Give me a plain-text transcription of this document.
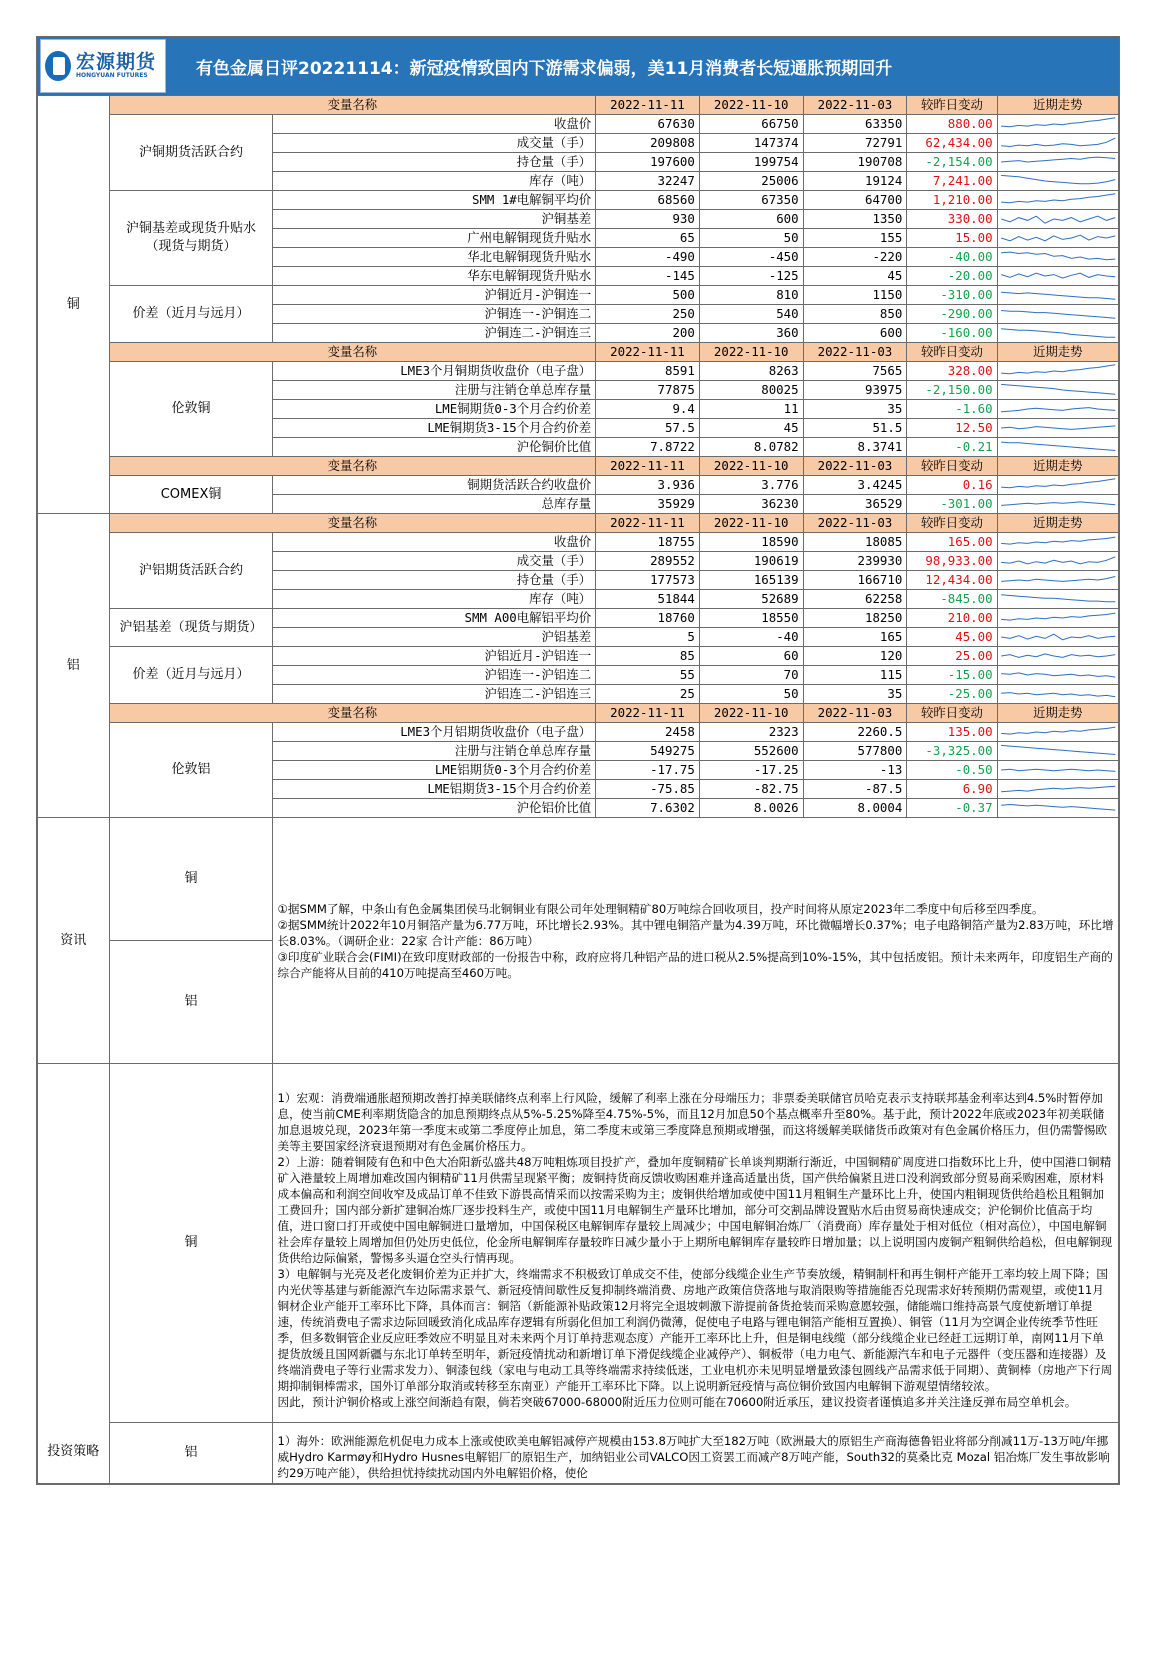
宏源期货
HONGYUAN FUTURES	有色金属日评20221114：新冠疫情致国内下游需求偏弱，美11月消费者长短通胀预期回升
铜	变量名称		2022-11-11	2022-11-10	2022-11-03	较昨日变动	近期走势
	沪铜期货活跃合约	收盘价	67630	66750	63350	880.00	

		成交量（手）	209808	147374	72791	62,434.00	

		持仓量（手）	197600	199754	190708	-2,154.00	

		库存（吨）	32247	25006	19124	7,241.00	

	沪铜基差或现货升贴水（现货与期货）	SMM 1#电解铜平均价	68560	67350	64700	1,210.00	

		沪铜基差	930	600	1350	330.00	

		广州电解铜现货升贴水	65	50	155	15.00	

		华北电解铜现货升贴水	-490	-450	-220	-40.00	

		华东电解铜现货升贴水	-145	-125	45	-20.00	

	价差（近月与远月）	沪铜近月-沪铜连一	500	810	1150	-310.00	

		沪铜连一-沪铜连二	250	540	850	-290.00	

		沪铜连二-沪铜连三	200	360	600	-160.00	

	变量名称		2022-11-11	2022-11-10	2022-11-03	较昨日变动	近期走势
	伦敦铜	LME3个月铜期货收盘价（电子盘）	8591	8263	7565	328.00	

		注册与注销仓单总库存量	77875	80025	93975	-2,150.00	

		LME铜期货0-3个月合约价差	9.4	11	35	-1.60	

		LME铜期货3-15个月合约价差	57.5	45	51.5	12.50	

		沪伦铜价比值	7.8722	8.0782	8.3741	-0.21	

	变量名称		2022-11-11	2022-11-10	2022-11-03	较昨日变动	近期走势
	COMEX铜	铜期货活跃合约收盘价	3.936	3.776	3.4245	0.16	

		总库存量	35929	36230	36529	-301.00	

铝	变量名称		2022-11-11	2022-11-10	2022-11-03	较昨日变动	近期走势
	沪铝期货活跃合约	收盘价	18755	18590	18085	165.00	

		成交量（手）	289552	190619	239930	98,933.00	

		持仓量（手）	177573	165139	166710	12,434.00	

		库存（吨）	51844	52689	62258	-845.00	

	沪铝基差（现货与期货）	SMM A00电解铝平均价	18760	18550	18250	210.00	

		沪铝基差	5	-40	165	45.00	

	价差（近月与远月）	沪铝近月-沪铝连一	85	60	120	25.00	

		沪铝连一-沪铝连二	55	70	115	-15.00	

		沪铝连二-沪铝连三	25	50	35	-25.00	

	变量名称		2022-11-11	2022-11-10	2022-11-03	较昨日变动	近期走势
	伦敦铝	LME3个月铝期货收盘价（电子盘）	2458	2323	2260.5	135.00	

		注册与注销仓单总库存量	549275	552600	577800	-3,325.00	

		LME铝期货0-3个月合约价差	-17.75	-17.25	-13	-0.50	

		LME铝期货3-15个月合约价差	-75.85	-82.75	-87.5	6.90	

		沪伦铝价比值	7.6302	8.0026	8.0004	-0.37	

资讯	铜	①据SMM了解，中条山有色金属集团侯马北铜铜业有限公司年处理铜精矿80万吨综合回收项目，投产时间将从原定2023年二季度中旬后移至四季度。

②据SMM统计2022年10月铜箔产量为6.77万吨，环比增长2.93%。其中锂电铜箔产量为4.39万吨，环比微幅增长0.37%；电子电路铜箔产量为2.83万吨，环比增长8.03%。（调研企业：22家 合计产能：86万吨）

③印度矿业联合会(FIMI)在致印度财政部的一份报告中称，政府应将几种铝产品的进口税从2.5%提高到10%-15%，其中包括废铝。预计未来两年，印度铝生产商的综合产能将从目前的410万吨提高至460万吨。					

	铝						
投资策略	铜	1）宏观：消费端通胀超预期改善打掉美联储终点利率上行风险，缓解了利率上涨在分母端压力；非票委美联储官员哈克表示支持联邦基金利率达到4.5%时暂停加息，使当前CME利率期货隐含的加息预期终点从5%-5.25%降至4.75%-5%，而且12月加息50个基点概率升至80%。基于此，预计2022年底或2023年初美联储加息退坡兑现，2023年第一季度末或第二季度停止加息，第二季度末或第三季度降息预期或增强，而这将缓解美联储货币政策对有色金属价格压力，但仍需警惕欧美等主要国家经济衰退预期对有色金属价格压力。

2）上游：随着铜陵有色和中色大冶阳新弘盛共48万吨粗炼项目投扩产，叠加年度铜精矿长单谈判期渐行渐近，中国铜精矿周度进口指数环比上升，使中国港口铜精矿入港量较上周增加难改国内铜精矿11月供需呈现紧平衡；废铜持货商反馈收购困难并逢高适量出货，国产供给偏紧且进口没利润致部分贸易商采购困难，原材料成本偏高和利润空间收窄及成品订单不佳致下游畏高情采而以按需采购为主；废铜供给增加或使中国11月粗铜生产量环比上升，使国内粗铜现货供给趋松且粗铜加工费回升；国内部分新扩建铜冶炼厂逐步投料生产，或使中国11月电解铜生产量环比增加，部分可交割品牌设置贴水后由贸易商快速成交；沪伦铜价比值高于均值，进口窗口打开或使中国电解铜进口量增加，中国保税区电解铜库存量较上周减少；中国电解铜冶炼厂（消费商）库存量处于相对低位（相对高位），中国电解铜社会库存量较上周增加但仍处历史低位，伦金所电解铜库存量较昨日减少量小于上期所电解铜库存量较昨日增加量；以上说明国内废铜产粗铜供给趋松，但电解铜现货供给边际偏紧，警惕多头逼仓空头行情再现。

3）电解铜与光亮及老化废铜价差为正并扩大，终端需求不积极致订单成交不佳，使部分线缆企业生产节奏放缓，精铜制杆和再生铜杆产能开工率均较上周下降；国内光伏等基建与新能源汽车边际需求景气、新冠疫情间歇性反复抑制终端消费、房地产政策信贷落地与取消限购等措施能否兑现需求好转预期仍需观望，或使11月铜材企业产能开工率环比下降，具体而言：铜箔（新能源补贴政策12月将完全退坡刺激下游提前备货抢装而采购意愿较强，储能端口维持高景气度使新增订单提速，传统消费电子需求边际回暖致消化成品库存逻辑有所弱化但加工利润仍微薄，促使电子电路与锂电铜箔产能相互置换）、铜管（11月为空调企业传统季节性旺季，但多数铜管企业反应旺季效应不明显且对未来两个月订单持悲观态度）产能开工率环比上升，但是铜电线缆（部分线缆企业已经赶工远期订单，南网11月下单提货放缓且国网新疆与东北订单转至明年，新冠疫情扰动和新增订单下滑促线缆企业减停产）、铜板带（电力电气、新能源汽车和电子元器件（变压器和连接器）及终端消费电子等行业需求发力）、铜漆包线（家电与电动工具等终端需求持续低迷，工业电机亦未见明显增量致漆包圆线产品需求低于同期）、黄铜棒（房地产下行周期抑制铜棒需求，国外订单部分取消或转移至东南亚）产能开工率环比下降。以上说明新冠疫情与高位铜价致国内电解铜下游观望情绪较浓。

因此，预计沪铜价格或上涨空间渐趋有限，倘若突破67000-68000附近压力位则可能在70600附近承压，建议投资者谨慎追多并关注逢反弹布局空单机会。					

	铝	1）海外：欧洲能源危机促电力成本上涨或使欧美电解铝减停产规模由153.8万吨扩大至182万吨（欧洲最大的原铝生产商海德鲁铝业将部分削减11万-13万吨/年挪威Hydro Karmøy和Hydro Husnes电解铝厂的原铝生产，加纳铝业公司VALCO因工资罢工而减产8万吨产能，South32的莫桑比克 Mozal 铝冶炼厂发生事故影响约29万吨产能），供给担忧持续扰动国内外电解铝价格，使伦					
